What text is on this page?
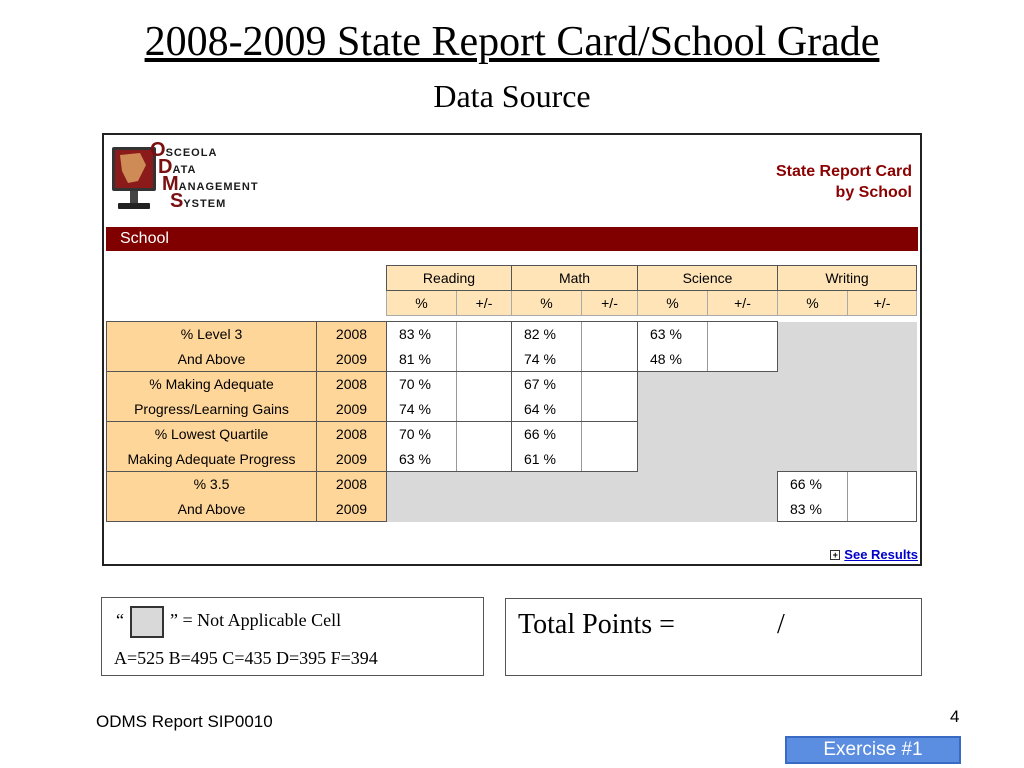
2008-2009 State Report Card/School Grade
Data Source
OSCEOLA
DATA
MANAGEMENT
SYSTEM
State Report Card
by School
School
		Reading		Math		Science		Writing	
		%	+/-	%	+/-	%	+/-	%	+/-

% Level 3	2008	83 %		82 %		63 %			
And Above	2009	81 %		74 %		48 %			
% Making Adequate	2008	70 %		67 %					
Progress/Learning Gains	2009	74 %		64 %					
% Lowest Quartile	2008	70 %		66 %					
Making Adequate Progress	2009	63 %		61 %					
% 3.5	2008							66 %	
And Above	2009							83 %	
+ See Results
“	” = Not Applicable Cell
A=525 B=495 C=435 D=395 F=394
Total Points =	/
ODMS Report SIP0010	4
Exercise #1
